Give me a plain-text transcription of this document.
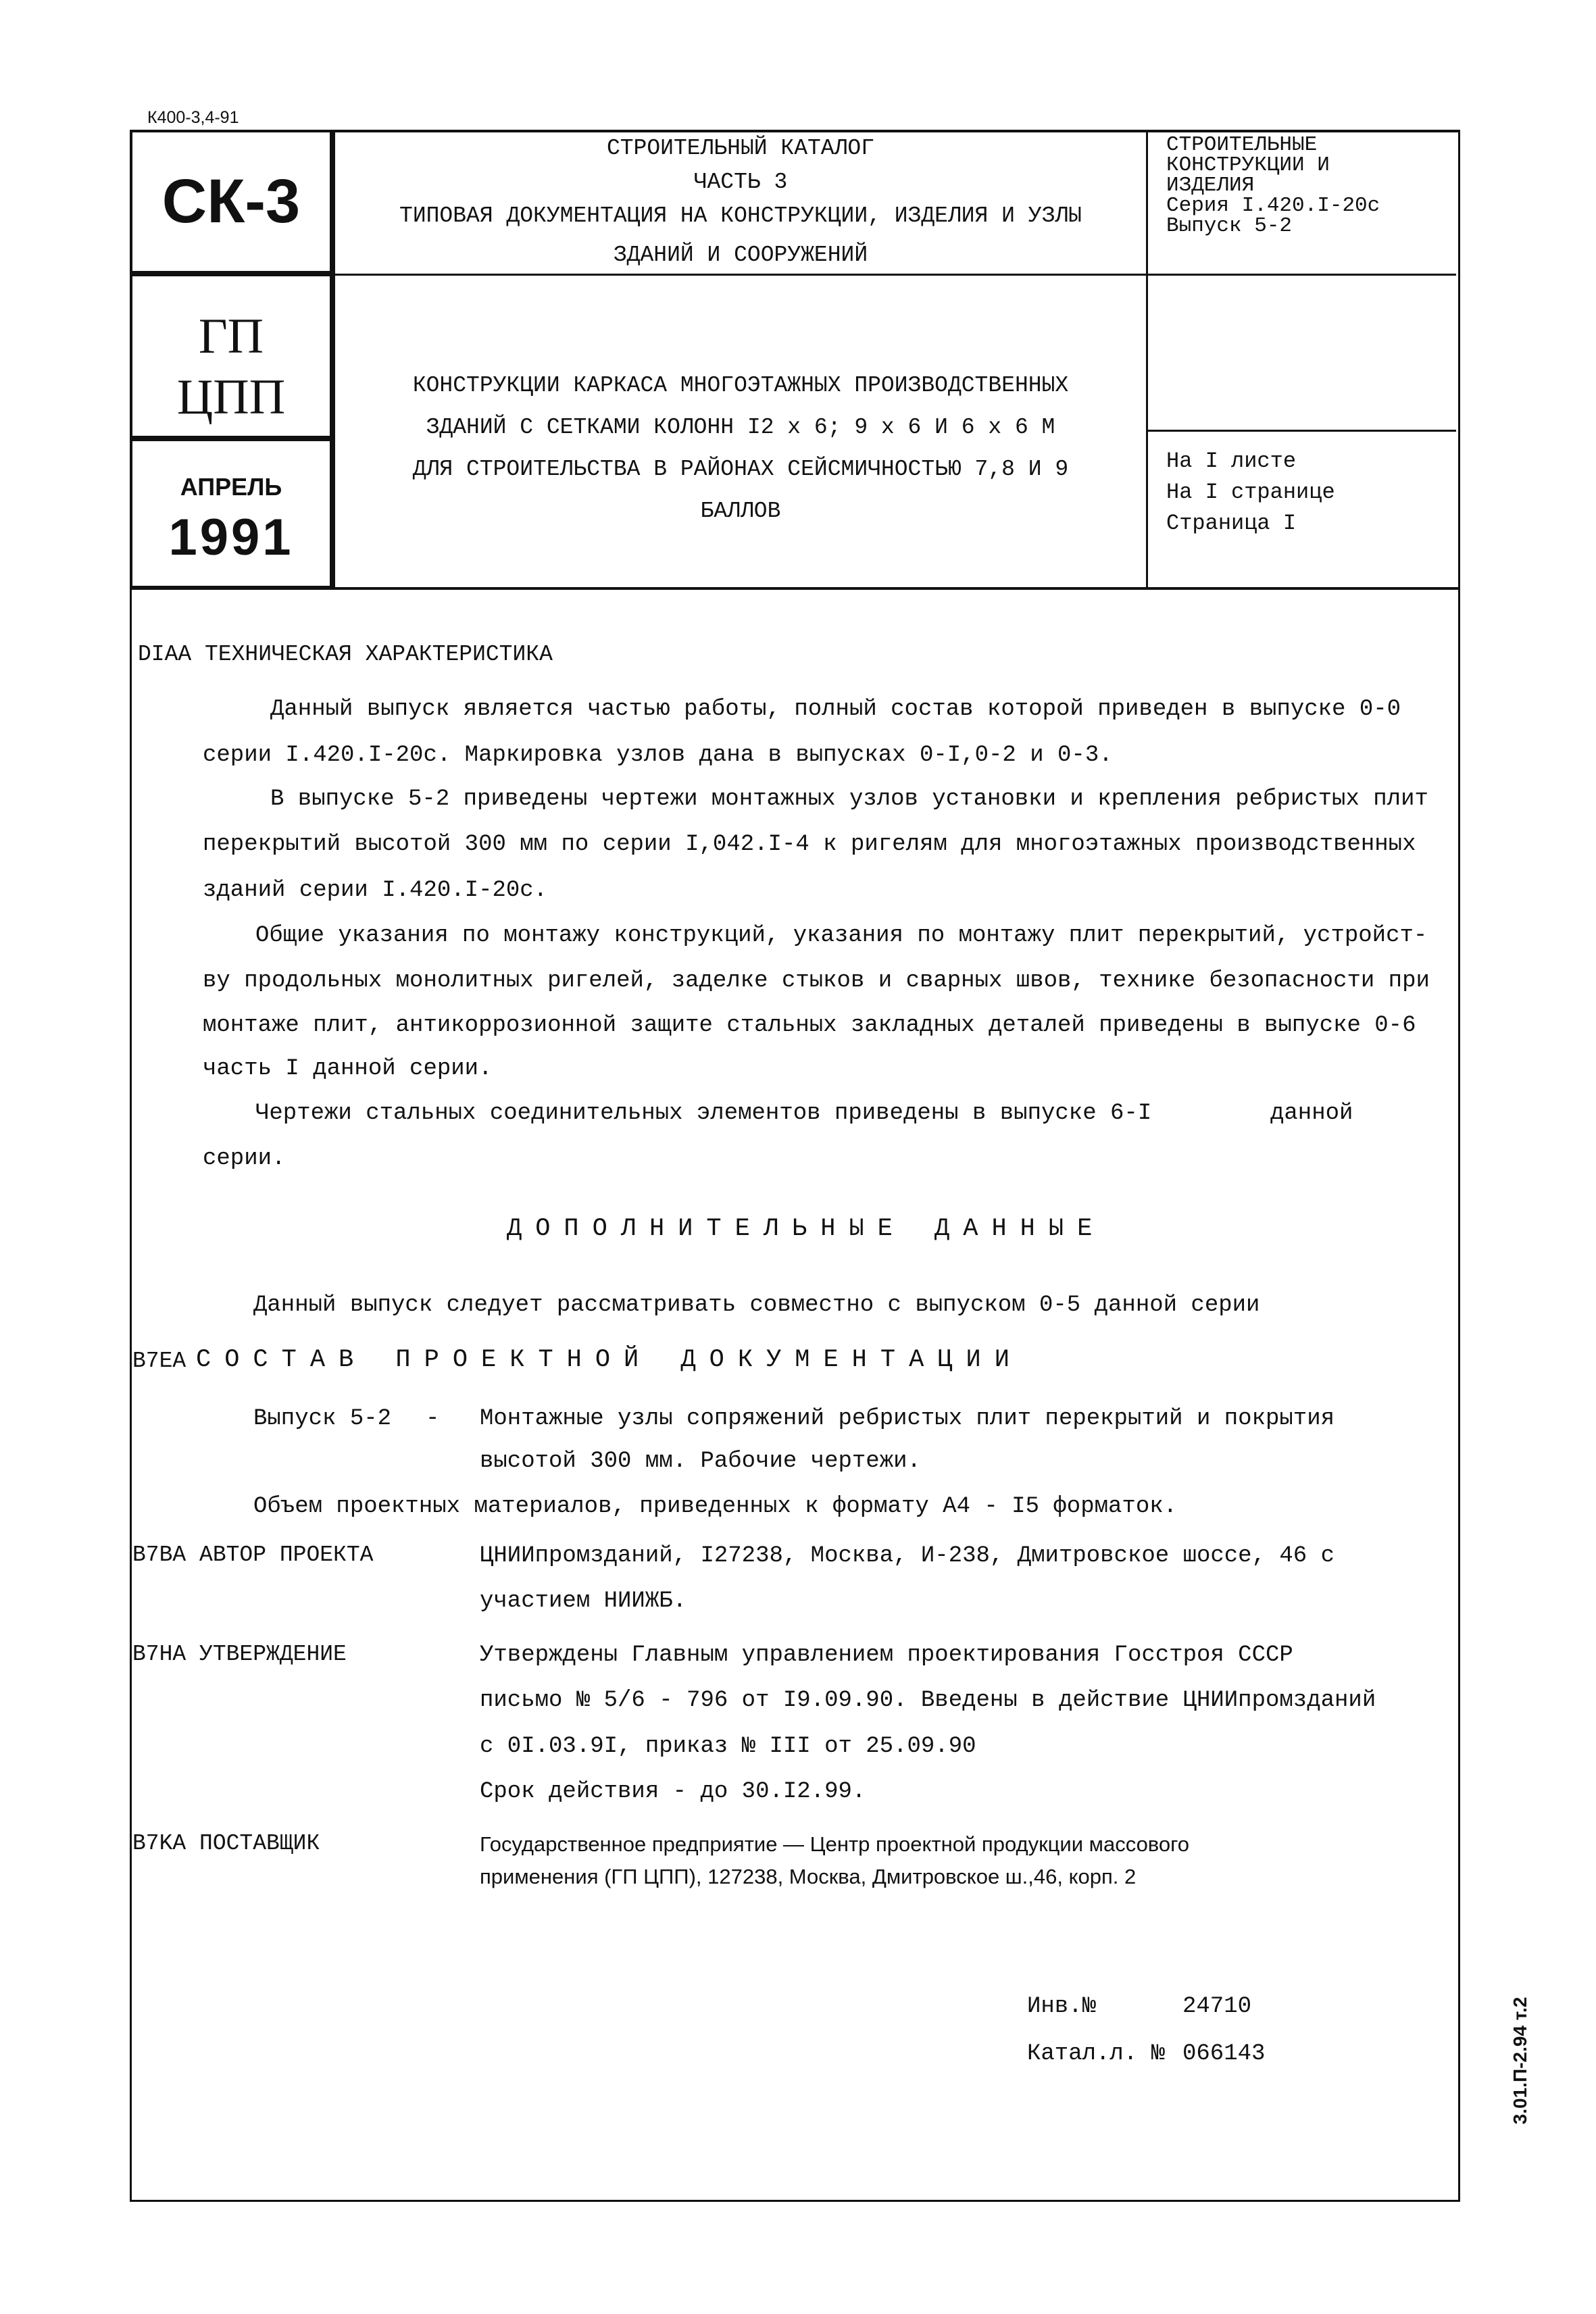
К400-3,4-91
СК-3
ГП
ЦПП
АПРЕЛЬ
1991
СТРОИТЕЛЬНЫЙ КАТАЛОГ
ЧАСТЬ 3
ТИПОВАЯ ДОКУМЕНТАЦИЯ НА КОНСТРУКЦИИ, ИЗДЕЛИЯ И УЗЛЫ
ЗДАНИЙ И СООРУЖЕНИЙ
СТРОИТЕЛЬНЫЕ
КОНСТРУКЦИИ И
ИЗДЕЛИЯ
Серия I.420.I-20с
Выпуск 5-2
КОНСТРУКЦИИ КАРКАСА МНОГОЭТАЖНЫХ ПРОИЗВОДСТВЕННЫХ
ЗДАНИЙ С СЕТКАМИ КОЛОНН I2 х 6; 9 х 6 И 6 х 6 М
ДЛЯ СТРОИТЕЛЬСТВА В РАЙОНАХ СЕЙСМИЧНОСТЬЮ 7,8 И 9
БАЛЛОВ
На I листе
На I странице
Страница I
DIAA ТЕХНИЧЕСКАЯ ХАРАКТЕРИСТИКА
Данный выпуск является частью работы, полный состав которой приведен в выпуске 0-0
серии I.420.I-20с. Маркировка узлов дана в выпусках 0-I,0-2 и 0-3.
В выпуске 5-2 приведены чертежи монтажных узлов установки и крепления ребристых плит
перекрытий высотой 300 мм по серии I,042.I-4 к ригелям для многоэтажных производственных
зданий серии I.420.I-20с.
Общие указания по монтажу конструкций, указания по монтажу плит перекрытий, устройст-
ву продольных монолитных ригелей, заделке стыков и сварных швов, технике безопасности при
монтаже плит, антикоррозионной защите стальных закладных деталей приведены в выпуске 0-6
часть I данной серии.
Чертежи стальных соединительных элементов приведены в выпуске 6-I	данной
серии.
ДОПОЛНИТЕЛЬНЫЕ ДАННЫЕ
Данный выпуск следует рассматривать совместно с выпуском 0-5 данной серии
B7EA СОСТАВ ПРОЕКТНОЙ ДОКУМЕНТАЦИИ
Выпуск 5-2 - Монтажные узлы сопряжений ребристых плит перекрытий и покрытия
высотой 300 мм. Рабочие чертежи.
Объем проектных материалов, приведенных к формату А4 - I5 форматок.
B7BA АВТОР ПРОЕКТА	ЦНИИпромзданий, I27238, Москва, И-238, Дмитровское шоссе, 46 с
участием НИИЖБ.
B7HA УТВЕРЖДЕНИЕ	Утверждены Главным управлением проектирования Госстроя СССР
письмо № 5/6 - 796 от I9.09.90. Введены в действие ЦНИИпромзданий
с 0I.03.9I, приказ № III от 25.09.90
Срок действия - до 30.I2.99.
B7KA ПОСТАВЩИК	Государственное предприятие — Центр проектной продукции массового
применения (ГП ЦПП), 127238, Москва, Дмитровское ш.,46, корп. 2
Инв.№	24710
Катал.л. № 066143	3.01.П-2.94 т.2
